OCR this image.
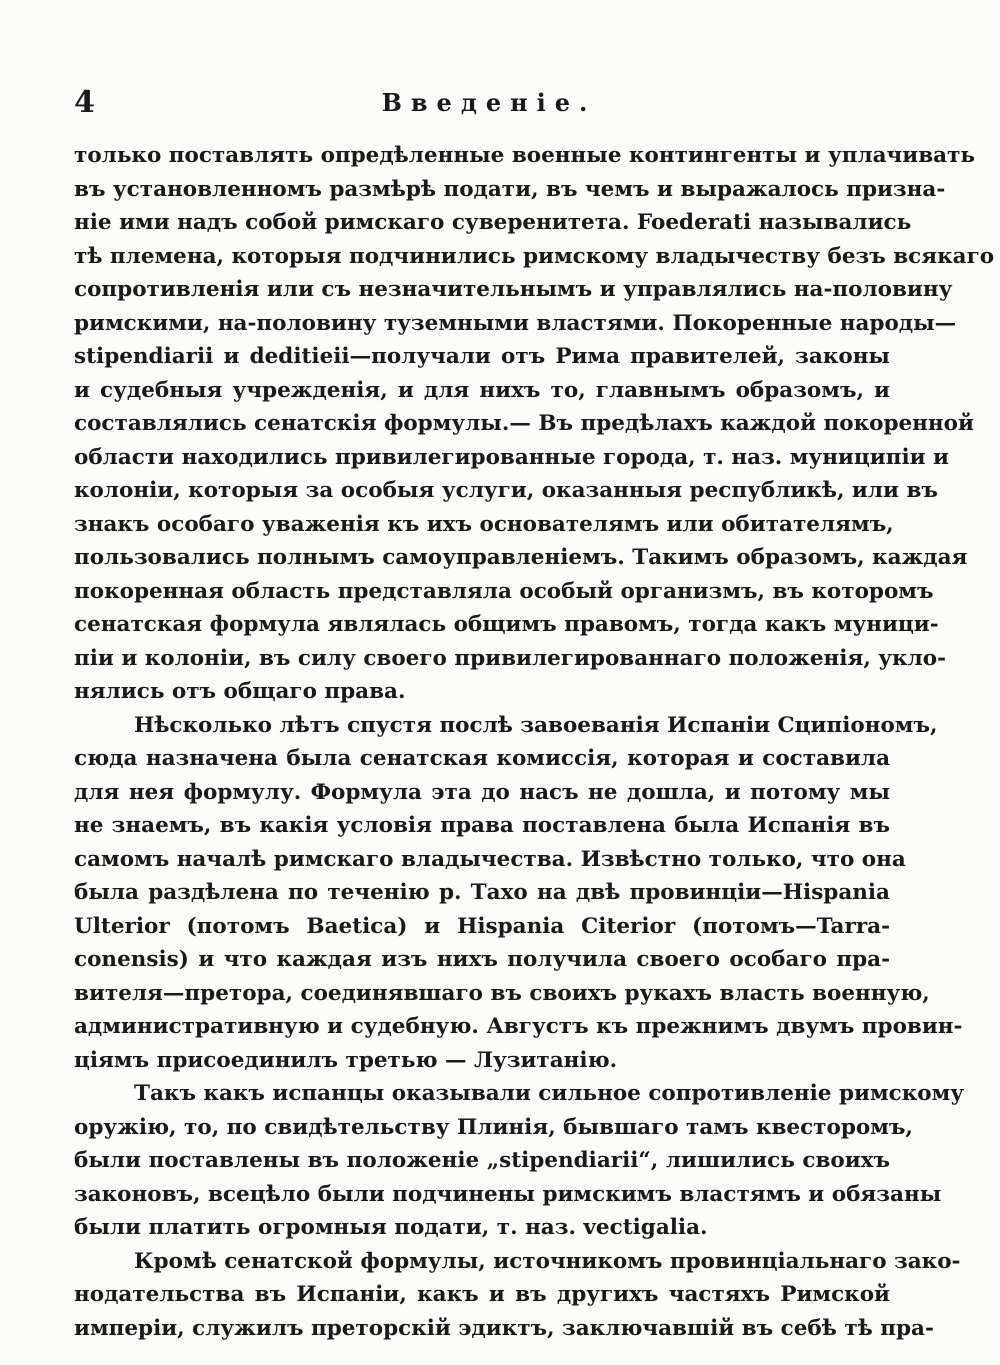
4	Введеніе.
только поставлять опредѣленные военные контингенты и уплачивать
въ установленномъ размѣрѣ подати, въ чемъ и выражалось призна-
ніе ими надъ собой римскаго суверенитета. Foederati назывались
тѣ племена, которыя подчинились римскому владычеству безъ всякаго
сопротивленія или съ незначительнымъ и управлялись на-половину
римскими, на-половину туземными властями. Покоренные народы—
stipendiarii и deditieii—получали отъ Рима правителей, законы
и судебныя учрежденія, и для нихъ то, главнымъ образомъ, и
составлялись сенатскія формулы.— Въ предѣлахъ каждой покоренной
области находились привилегированные города, т. наз. муниципіи и
колоніи, которыя за особыя услуги, оказанныя республикѣ, или въ
знакъ особаго уваженія къ ихъ основателямъ или обитателямъ,
пользовались полнымъ самоуправленіемъ. Такимъ образомъ, каждая
покоренная область представляла особый организмъ, въ которомъ
сенатская формула являлась общимъ правомъ, тогда какъ муници-
піи и колоніи, въ силу своего привилегированнаго положенія, укло-
нялись отъ общаго права.
Нѣсколько лѣтъ спустя послѣ завоеванія Испаніи Сципіономъ,
сюда назначена была сенатская комиссія, которая и составила
для нея формулу. Формула эта до насъ не дошла, и потому мы
не знаемъ, въ какія условія права поставлена была Испанія въ
самомъ началѣ римскаго владычества. Извѣстно только, что она
была раздѣлена по теченію р. Тахо на двѣ провинціи—Hispania
Ulterior (потомъ Baetica) и Hispania Citerior (потомъ—Tarra-
conensis) и что каждая изъ нихъ получила своего особаго пра-
вителя—претора, соединявшаго въ своихъ рукахъ власть военную,
административную и судебную. Августъ къ прежнимъ двумъ провин-
ціямъ присоединилъ третью — Лузитанію.
Такъ какъ испанцы оказывали сильное сопротивленіе римскому
оружію, то, по свидѣтельству Плинія, бывшаго тамъ квесторомъ,
были поставлены въ положеніе „stipendiarii“, лишились своихъ
законовъ, всецѣло были подчинены римскимъ властямъ и обязаны
были платить огромныя подати, т. наз. vectigalia.
Кромѣ сенатской формулы, источникомъ провинціальнаго зако-
нодательства въ Испаніи, какъ и въ другихъ частяхъ Римской
имперіи, служилъ преторскій эдиктъ, заключавшій въ себѣ тѣ пра-
